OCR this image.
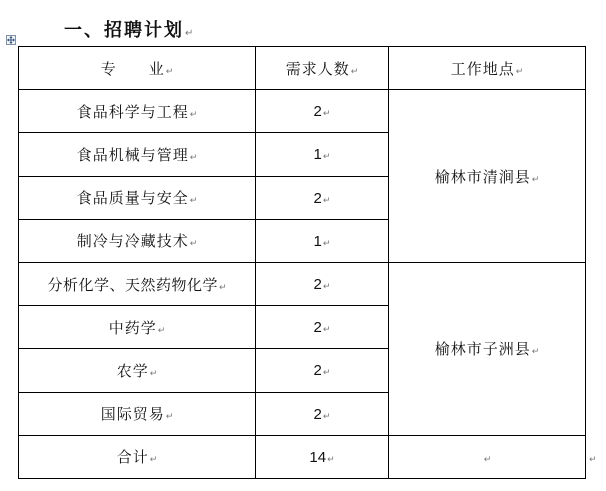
一、招聘计划↵
专　　业↵	需求人数↵	工作地点↵
食品科学与工程↵	2↵	榆林市清涧县↵
食品机械与管理↵	1↵	
食品质量与安全↵	2↵	
制冷与冷藏技术↵	1↵	
分析化学、天然药物化学↵	2↵	榆林市子洲县↵
中药学↵	2↵	
农学↵	2↵	
国际贸易↵	2↵	
合计↵	14↵	↵	↵
